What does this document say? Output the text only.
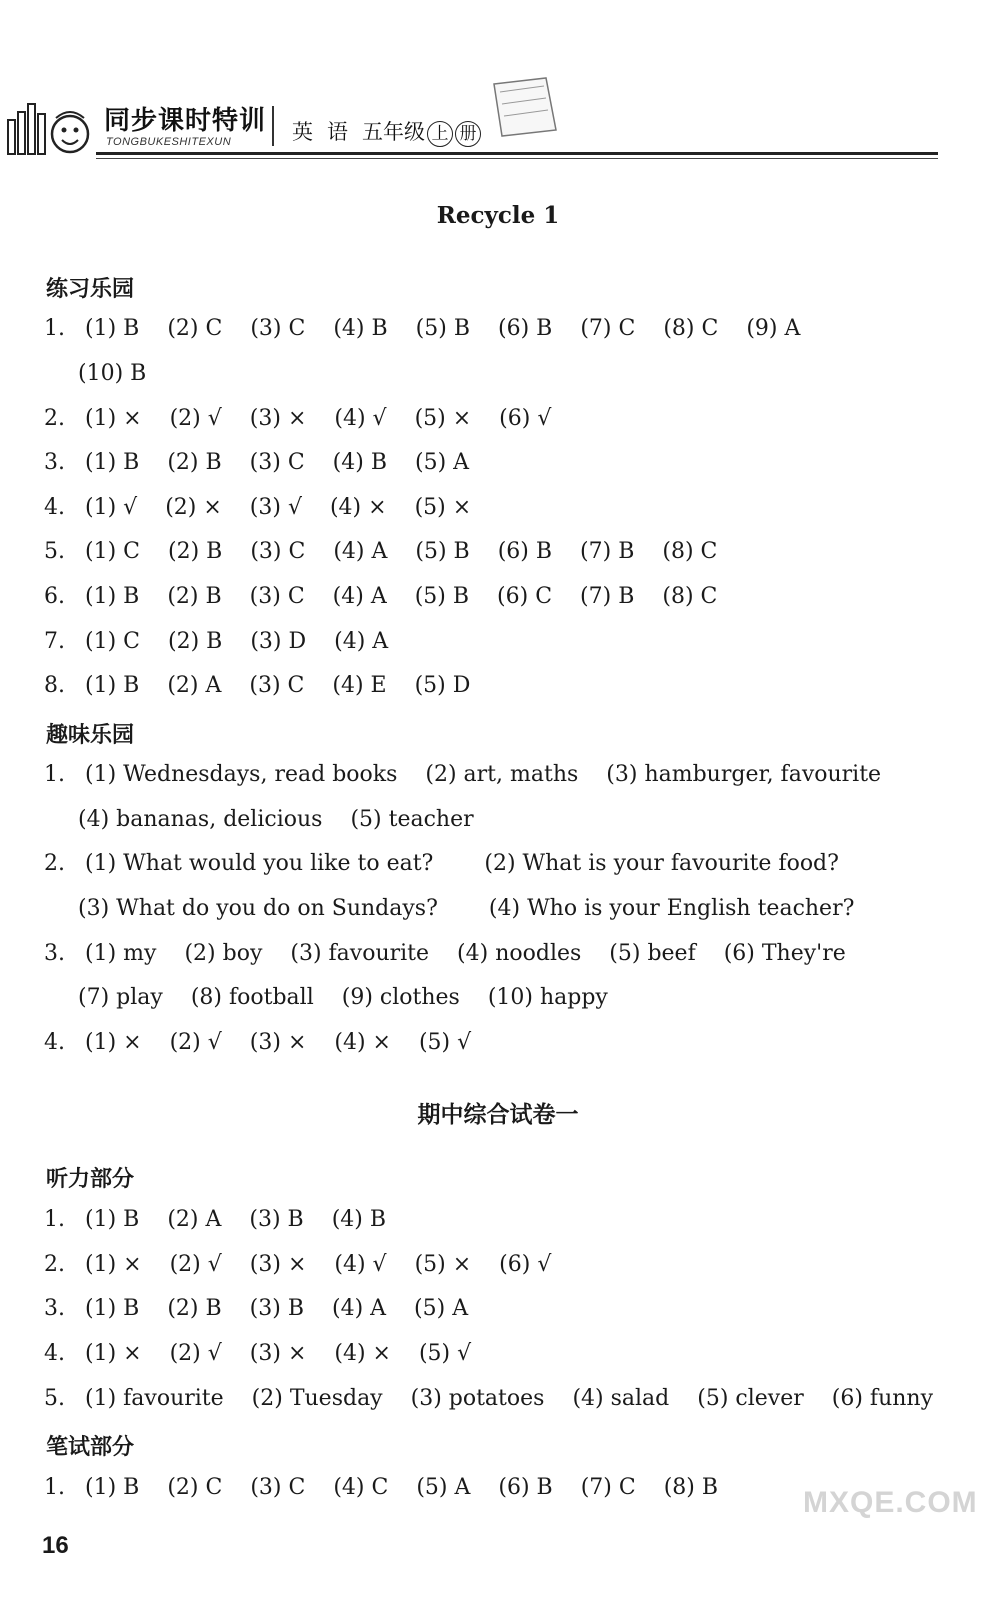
同步课时特训
TONGBUKESHITEXUN	英 语 五年级 上 册
Recycle 1
练习乐园
1. (1) B (2) C (3) C (4) B (5) B (6) B (7) C (8) C (9) A
(10) B
2. (1) × (2) √ (3) × (4) √ (5) × (6) √
3. (1) B (2) B (3) C (4) B (5) A
4. (1) √ (2) × (3) √ (4) × (5) ×
5. (1) C (2) B (3) C (4) A (5) B (6) B (7) B (8) C
6. (1) B (2) B (3) C (4) A (5) B (6) C (7) B (8) C
7. (1) C (2) B (3) D (4) A
8. (1) B (2) A (3) C (4) E (5) D
趣味乐园
1. (1) Wednesdays, read books (2) art, maths (3) hamburger, favourite
(4) bananas, delicious (5) teacher
2. (1) What would you like to eat? (2) What is your favourite food?
(3) What do you do on Sundays? (4) Who is your English teacher?
3. (1) my (2) boy (3) favourite (4) noodles (5) beef (6) They're
(7) play (8) football (9) clothes (10) happy
4. (1) × (2) √ (3) × (4) × (5) √
期中综合试卷一
听力部分
1. (1) B (2) A (3) B (4) B
2. (1) × (2) √ (3) × (4) √ (5) × (6) √
3. (1) B (2) B (3) B (4) A (5) A
4. (1) × (2) √ (3) × (4) × (5) √
5. (1) favourite (2) Tuesday (3) potatoes (4) salad (5) clever (6) funny
笔试部分
1. (1) B (2) C (3) C (4) C (5) A (6) B (7) C (8) B	MXQE.COM
16
